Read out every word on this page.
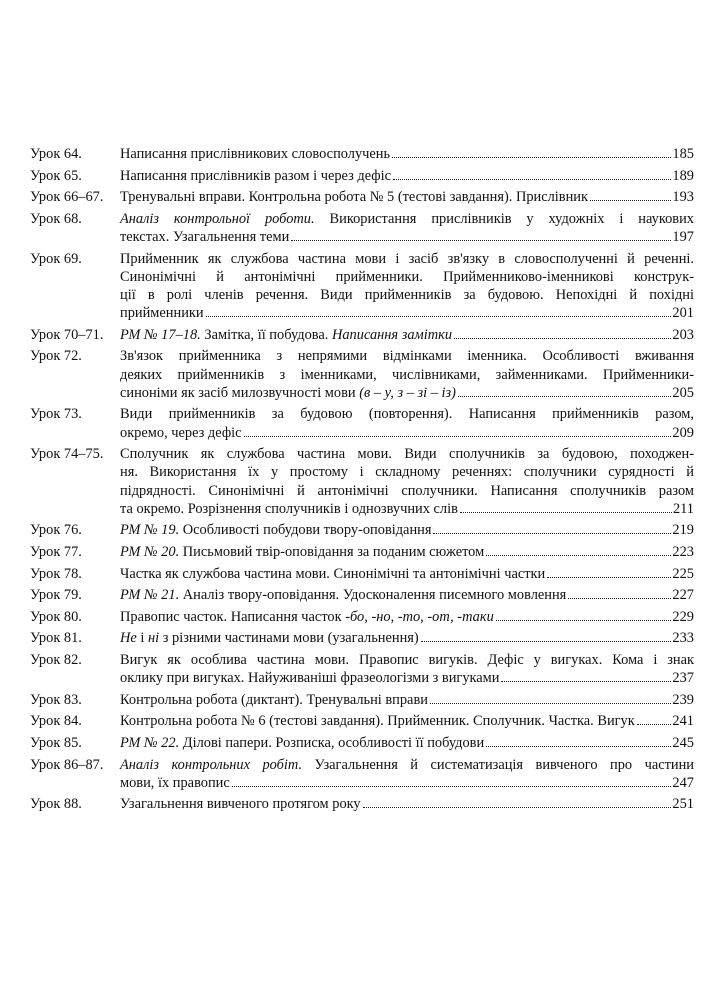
Урок 64.	Написання прислівникових словосполучень	185
Урок 65.	Написання прислівників разом і через дефіс	189
Урок 66–67.	Тренувальні вправи. Контрольна робота № 5 (тестові завдання). Прислівник	193
Урок 68.	Аналіз контрольної роботи. Використання прислівників у художніх і наукових
текстах. Узагальнення теми	197
Урок 69.	Прийменник як службова частина мови і засіб зв'язку в словосполученні й реченні.
Синонімічні й антонімічні прийменники. Прийменниково-іменникові конструк-
ції в ролі членів речення. Види прийменників за будовою. Непохідні й похідні
прийменники	201
Урок 70–71.	РМ № 17–18. Замітка, її побудова. Написання замітки	203
Урок 72.	Зв'язок прийменника з непрямими відмінками іменника. Особливості вживання
деяких прийменників з іменниками, числівниками, займенниками. Прийменники-
синоніми як засіб милозвучності мови (в – у, з – зі – із)	205
Урок 73.	Види прийменників за будовою (повторення). Написання прийменників разом,
окремо, через дефіс	209
Урок 74–75.	Сполучник як службова частина мови. Види сполучників за будовою, походжен-
ня. Використання їх у простому і складному реченнях: сполучники сурядності й
підрядності. Синонімічні й антонімічні сполучники. Написання сполучників разом
та окремо. Розрізнення сполучників і однозвучних слів	211
Урок 76.	РМ № 19. Особливості побудови твору-оповідання	219
Урок 77.	РМ № 20. Письмовий твір-оповідання за поданим сюжетом	223
Урок 78.	Частка як службова частина мови. Синонімічні та антонімічні частки	225
Урок 79.	РМ № 21. Аналіз твору-оповідання. Удосконалення писемного мовлення	227
Урок 80.	Правопис часток. Написання часток -бо, -но, -то, -от, -таки	229
Урок 81.	Не і ні з різними частинами мови (узагальнення)	233
Урок 82.	Вигук як особлива частина мови. Правопис вигуків. Дефіс у вигуках. Кома і знак
оклику при вигуках. Найуживаніші фразеологізми з вигуками	237
Урок 83.	Контрольна робота (диктант). Тренувальні вправи	239
Урок 84.	Контрольна робота № 6 (тестові завдання). Прийменник. Сполучник. Частка. Вигук	241
Урок 85.	РМ № 22. Ділові папери. Розписка, особливості її побудови	245
Урок 86–87.	Аналіз контрольних робіт. Узагальнення й систематизація вивченого про частини
мови, їх правопис	247
Урок 88.	Узагальнення вивченого протягом року	251
